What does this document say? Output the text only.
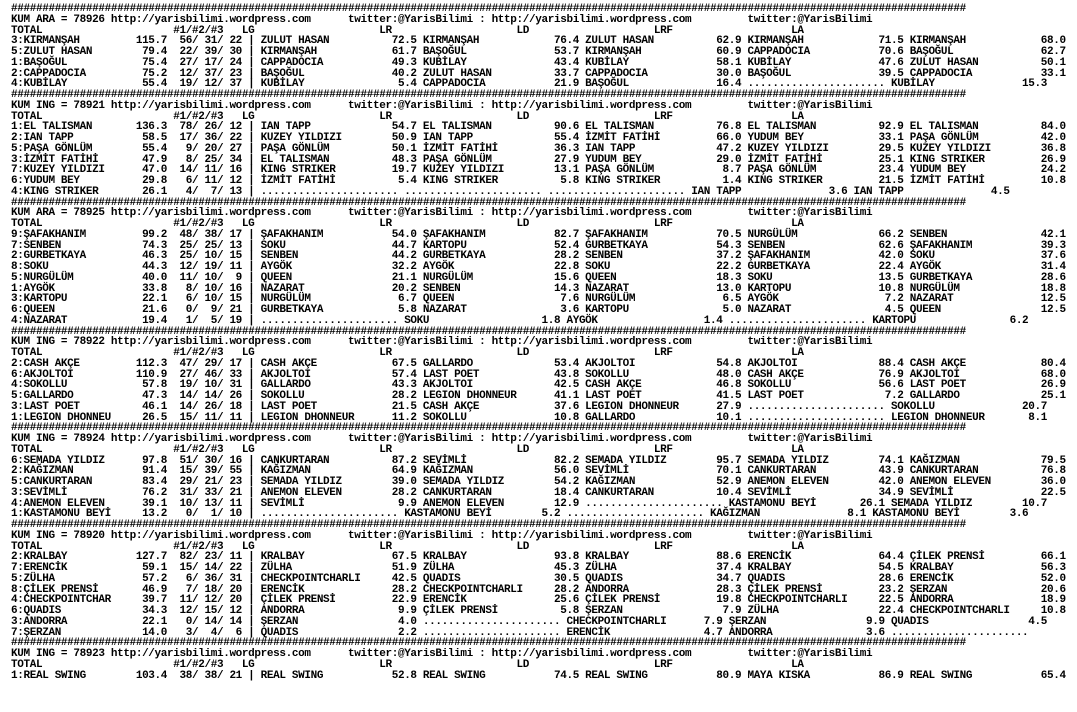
#########################################################################################################################################################
KUM ARA = 78926 http://yarisbilimi.wordpress.com      twitter:@YarisBilimi : http://yarisbilimi.wordpress.com         twitter:@YarisBilimi
TOTAL                     #1/#2/#3   LG                    LR                    LD                    LRF                   LA
3:KIRMANŞAH         115.7  56/ 31/ 22 | ZULUT HASAN          72.5 KIRMANŞAH            76.4 ZULUT HASAN          62.9 KIRMANŞAH            71.5 KIRMANŞAH            68.0
5:ZULUT HASAN        79.4  22/ 39/ 30 | KIRMANŞAH            61.7 BAŞOĞUL              53.7 KIRMANŞAH            60.9 CAPPADOCIA           70.6 BAŞOĞUL              62.7
1:BAŞOĞUL            75.4  27/ 17/ 24 | CAPPADOCIA           49.3 KUBİLAY              43.4 KUBİLAY              58.1 KUBİLAY              47.6 ZULUT HASAN          50.1
2:CAPPADOCIA         75.2  12/ 37/ 23 | BAŞOĞUL              40.2 ZULUT HASAN          33.7 CAPPADOCIA           30.0 BAŞOĞUL              39.5 CAPPADOCIA           33.1
4:KUBİLAY            55.4  19/ 12/ 37 | KUBİLAY               5.4 CAPPADOCIA           21.9 BAŞOĞUL              16.4 ...................... KUBİLAY              15.3
#########################################################################################################################################################
KUM ING = 78921 http://yarisbilimi.wordpress.com      twitter:@YarisBilimi : http://yarisbilimi.wordpress.com         twitter:@YarisBilimi
TOTAL                     #1/#2/#3   LG                    LR                    LD                    LRF                   LA
1:EL TALISMAN       136.3  78/ 26/ 12 | IAN TAPP             54.7 EL TALISMAN          90.6 EL TALISMAN          76.8 EL TALISMAN          92.9 EL TALISMAN          84.0
2:IAN TAPP           58.5  17/ 36/ 22 | KUZEY YILDIZI        50.9 IAN TAPP             55.4 İZMİT FATİHİ         66.0 YUDUM BEY            33.1 PAŞA GÖNLÜM          42.0
5:PAŞA GÖNLÜM        55.4   9/ 20/ 27 | PAŞA GÖNLÜM          50.1 İZMİT FATİHİ         36.3 IAN TAPP             47.2 KUZEY YILDIZI        29.5 KUZEY YILDIZI        36.8
3:İZMİT FATİHİ       47.9   8/ 25/ 34 | EL TALISMAN          48.3 PAŞA GÖNLÜM          27.9 YUDUM BEY            29.0 İZMİT FATİHİ         25.1 KING STRIKER         26.9
7:KUZEY YILDIZI      47.0  14/ 11/ 16 | KING STRIKER         19.7 KUZEY YILDIZI        13.1 PAŞA GÖNLÜM           8.7 PAŞA GÖNLÜM          23.4 YUDUM BEY            24.2
6:YUDUM BEY          29.8   6/ 11/ 12 | İZMİT FATİHİ          5.4 KING STRIKER          5.8 KING STRIKER          1.4 KING STRIKER         21.5 İZMİT FATİHİ         10.8
4:KING STRIKER       26.1   4/  7/ 13 | ...................... ...................... ...................... IAN TAPP              3.6 IAN TAPP              4.5
#########################################################################################################################################################
KUM ARA = 78925 http://yarisbilimi.wordpress.com      twitter:@YarisBilimi : http://yarisbilimi.wordpress.com         twitter:@YarisBilimi
TOTAL                     #1/#2/#3   LG                    LR                    LD                    LRF                   LA
9:ŞAFAKHANIM         99.2  48/ 38/ 17 | ŞAFAKHANIM           54.0 ŞAFAKHANIM           82.7 ŞAFAKHANIM           70.5 NURGÜLÜM             66.2 SENBEN               42.1
7:SENBEN             74.3  25/ 25/ 13 | SOKU                 44.7 KARTOPU              52.4 GURBETKAYA           54.3 SENBEN               62.6 ŞAFAKHANIM           39.3
2:GURBETKAYA         46.3  25/ 10/ 15 | SENBEN               44.2 GURBETKAYA           28.2 SENBEN               37.2 ŞAFAKHANIM           42.0 SOKU                 37.6
8:SOKU               44.3  12/ 19/ 11 | AYGÖK                32.2 AYGÖK                22.8 SOKU                 22.2 GURBETKAYA           22.4 AYGÖK                31.4
5:NURGÜLÜM           40.0  11/ 10/  9 | QUEEN                21.1 NURGÜLÜM             15.6 QUEEN                18.3 SOKU                 13.5 GURBETKAYA           28.6
1:AYGÖK              33.8   8/ 10/ 16 | NAZARAT              20.2 SENBEN               14.3 NAZARAT              13.0 KARTOPU              10.8 NURGÜLÜM             18.8
3:KARTOPU            22.1   6/ 10/ 15 | NURGÜLÜM              6.7 QUEEN                 7.6 NURGÜLÜM              6.5 AYGÖK                 7.2 NAZARAT              12.5
6:QUEEN              21.6   0/  9/ 21 | GURBETKAYA            5.8 NAZARAT               3.6 KARTOPU               5.0 NAZARAT               4.5 QUEEN                12.5
4:NAZARAT            19.4   1/  5/ 19 | ...................... SOKU                  1.8 AYGÖK                 1.4 ...................... KARTOPU               6.2
#########################################################################################################################################################
KUM ING = 78922 http://yarisbilimi.wordpress.com      twitter:@YarisBilimi : http://yarisbilimi.wordpress.com         twitter:@YarisBilimi
TOTAL                     #1/#2/#3   LG                    LR                    LD                    LRF                   LA
2:CASH AKÇE         112.3  47/ 29/ 17 | CASH AKÇE            67.5 GALLARDO             53.4 AKJOLTOI             54.8 AKJOLTOI             88.4 CASH AKÇE            80.4
6:AKJOLTOI          110.9  27/ 46/ 33 | AKJOLTOI             57.4 LAST POET            43.8 SOKOLLU              48.0 CASH AKÇE            76.9 AKJOLTOI             68.0
4:SOKOLLU            57.8  19/ 10/ 31 | GALLARDO             43.3 AKJOLTOI             42.5 CASH AKÇE            46.8 SOKOLLU              56.6 LAST POET            26.9
5:GALLARDO           47.3  14/ 14/ 26 | SOKOLLU              28.2 LEGION DHONNEUR      41.1 LAST POET            41.5 LAST POET             7.2 GALLARDO             25.1
3:LAST POET          46.1  14/ 26/ 18 | LAST POET            21.5 CASH AKÇE            37.6 LEGION DHONNEUR      27.9 ...................... SOKOLLU              20.7
1:LEGION DHONNEU     26.5  15/ 11/ 11 | LEGION DHONNEUR      11.2 SOKOLLU              10.8 GALLARDO             10.1 ...................... LEGION DHONNEUR       8.1
#########################################################################################################################################################
KUM ING = 78924 http://yarisbilimi.wordpress.com      twitter:@YarisBilimi : http://yarisbilimi.wordpress.com         twitter:@YarisBilimi
TOTAL                     #1/#2/#3   LG                    LR                    LD                    LRF                   LA
6:SEMADA YILDIZ      97.8  51/ 30/ 16 | CANKURTARAN          87.2 SEVİMLİ              82.2 SEMADA YILDIZ        95.7 SEMADA YILDIZ        74.1 KAĞIZMAN             79.5
2:KAĞIZMAN           91.4  15/ 39/ 55 | KAĞIZMAN             64.9 KAĞIZMAN             56.0 SEVİMLİ              70.1 CANKURTARAN          43.9 CANKURTARAN          76.8
5:CANKURTARAN        83.4  29/ 21/ 23 | SEMADA YILDIZ        39.0 SEMADA YILDIZ        54.2 KAĞIZMAN             52.9 ANEMON ELEVEN        42.0 ANEMON ELEVEN        36.0
3:SEVİMLİ            76.2  31/ 33/ 21 | ANEMON ELEVEN        28.2 CANKURTARAN          18.4 CANKURTARAN          10.4 SEVİMLİ              34.9 SEVİMLİ              22.5
4:ANEMON ELEVEN      39.1  10/ 13/ 11 | SEVİMLİ               9.9 ANEMON ELEVEN        12.9 ...................... KASTAMONU BEYİ       26.1 SEMADA YILDIZ        10.7
1:KASTAMONU BEYİ     13.2   0/  1/ 10 | ...................... KASTAMONU BEYİ        5.2 ...................... KAĞIZMAN              8.1 KASTAMONU BEYİ        3.6
#########################################################################################################################################################
KUM ING = 78920 http://yarisbilimi.wordpress.com      twitter:@YarisBilimi : http://yarisbilimi.wordpress.com         twitter:@YarisBilimi
TOTAL                     #1/#2/#3   LG                    LR                    LD                    LRF                   LA
2:KRALBAY           127.7  82/ 23/ 11 | KRALBAY              67.5 KRALBAY              93.8 KRALBAY              88.6 ERENCİK              64.4 ÇİLEK PRENSİ         66.1
7:ERENCİK            59.1  15/ 14/ 22 | ZÜLHA                51.9 ZÜLHA                45.3 ZÜLHA                37.4 KRALBAY              54.5 KRALBAY              56.3
5:ZÜLHA              57.2   6/ 36/ 31 | CHECKPOINTCHARLI     42.5 QUADIS               30.5 QUADIS               34.7 QUADIS               28.6 ERENCİK              52.0
8:ÇİLEK PRENSİ       46.9   7/ 18/ 20 | ERENCİK              28.2 CHECKPOINTCHARLI     28.2 ANDORRA              28.3 ÇİLEK PRENSİ         23.2 ŞERZAN               20.6
4:CHECKPOINTCHAR     39.7  11/ 12/ 20 | ÇİLEK PRENSİ         22.9 ERENCİK              25.6 ÇİLEK PRENSİ         19.8 CHECKPOINTCHARLI     22.5 ANDORRA              18.9
6:QUADIS             34.3  12/ 15/ 12 | ANDORRA               9.9 ÇİLEK PRENSİ          5.8 ŞERZAN                7.9 ZÜLHA                22.4 CHECKPOINTCHARLI     10.8
3:ANDORRA            22.1   0/ 14/ 14 | ŞERZAN                4.0 ...................... CHECKPOINTCHARLI      7.9 ŞERZAN                9.9 QUADIS                4.5
7:ŞERZAN             14.0   3/  4/  6 | QUADIS                2.2 ...................... ERENCİK               4.7 ANDORRA               3.6 ......................
#########################################################################################################################################################
KUM ING = 78923 http://yarisbilimi.wordpress.com      twitter:@YarisBilimi : http://yarisbilimi.wordpress.com         twitter:@YarisBilimi
TOTAL                     #1/#2/#3   LG                    LR                    LD                    LRF                   LA
1:REAL SWING        103.4  38/ 38/ 21 | REAL SWING           52.8 REAL SWING           74.5 REAL SWING           80.9 MAYA KISKA           86.9 REAL SWING           65.4
